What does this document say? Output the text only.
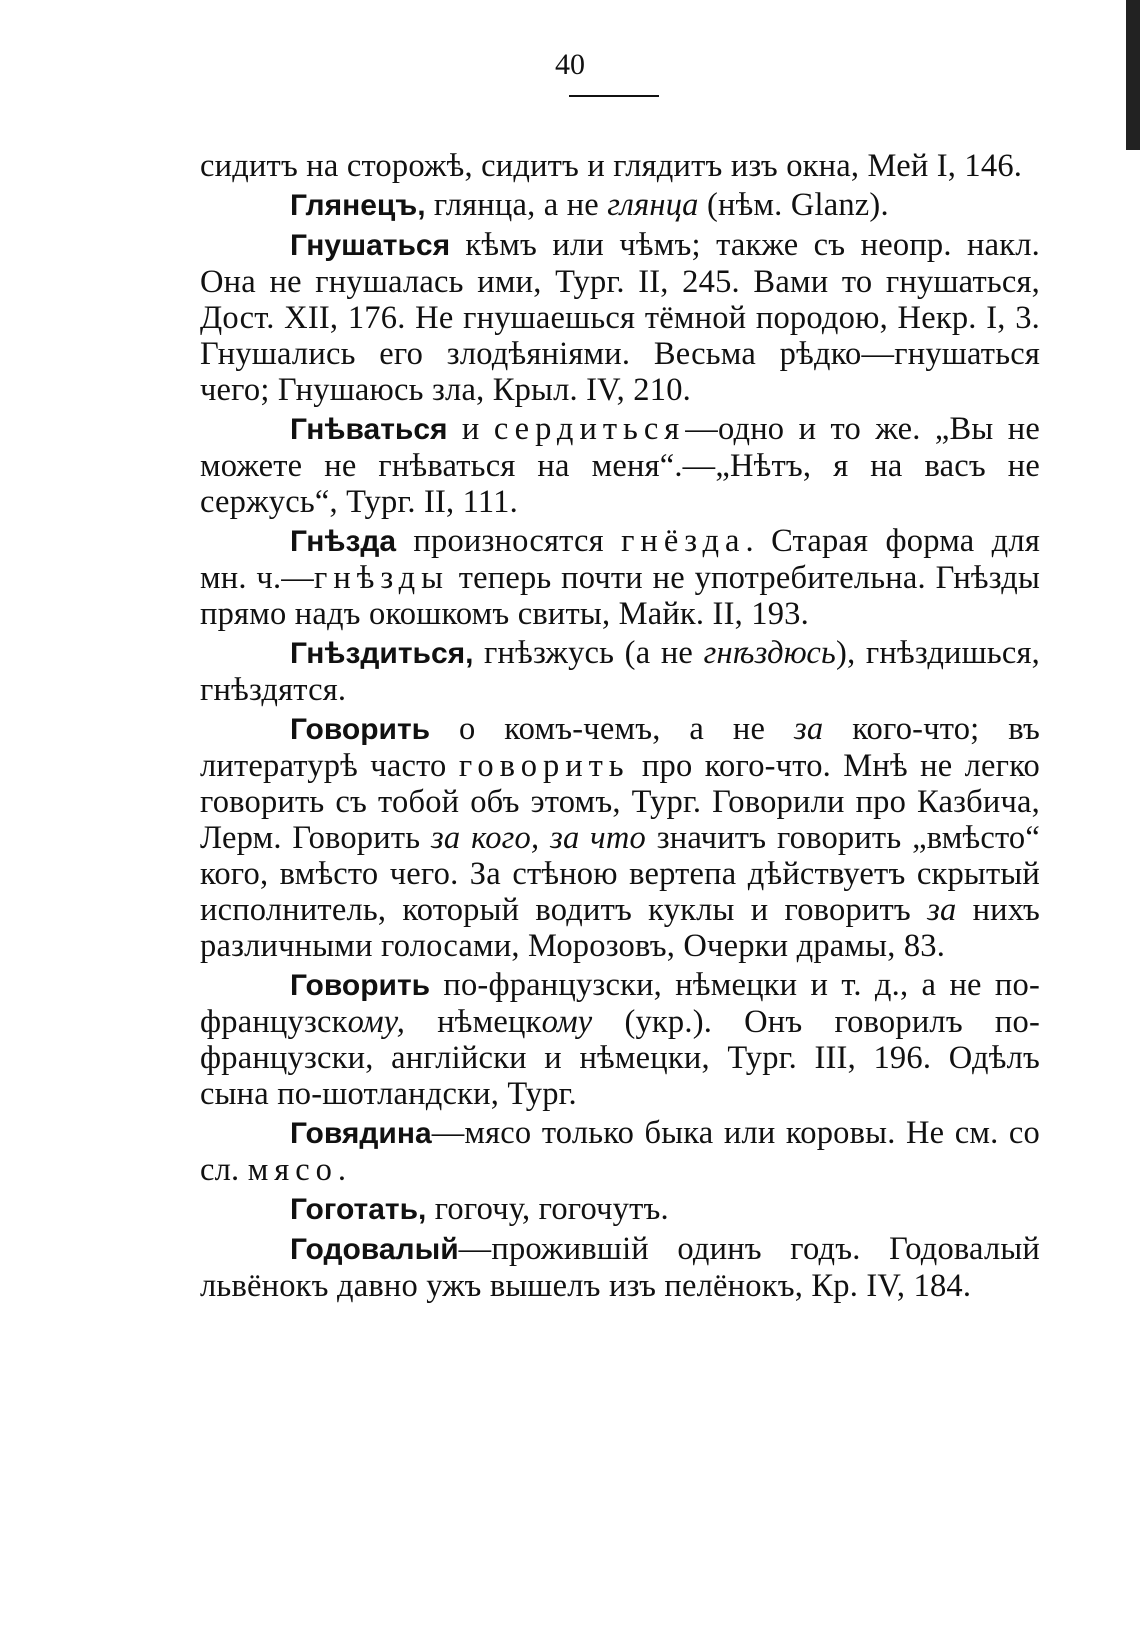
40

сидитъ на сторожѣ, сидитъ и глядитъ изъ окна, Мей I, 146.

Глянецъ, глянца, а не глянцa (нѣм. Glanz).

Гнушаться кѣмъ или чѣмъ; также съ неопр. накл. Она не гнушалась ими, Тург. II, 245. Вами то гнушаться, Дост. XII, 176. Не гнушаешься тёмной породою, Некр. I, 3. Гнушались его злодѣяніями. Весьма рѣдко—гнушаться чего; Гнушаюсь зла, Крыл. IV, 210.

Гнѣваться и сердиться—одно и то же. „Вы не можете не гнѣваться на меня“.—„Нѣтъ, я на васъ не сержусь“, Тург. II, 111.

Гнѣзда произносятся гнёзда. Старая форма для мн. ч.—гнѣзды теперь почти не употребительна. Гнѣзды прямо надъ окошкомъ свиты, Майк. II, 193.

Гнѣздиться, гнѣзжусь (а не гнѣздюсь), гнѣздишься, гнѣздятся.

Говорить о комъ-чемъ, а не за кого-что; въ литературѣ часто говорить про кого-что. Мнѣ не легко говорить съ тобой объ этомъ, Тург. Говорили про Казбича, Лерм. Говорить за кого, за что значитъ говорить „вмѣсто“ кого, вмѣсто чего. За стѣною вертепа дѣйствуетъ скрытый исполнитель, который водитъ куклы и говоритъ за нихъ различными голосами, Морозовъ, Очерки драмы, 83.

Говорить по-французски, нѣмецки и т. д., а не по-французскому, нѣмецкому (укр.). Онъ говорилъ по-французски, англійски и нѣмецки, Тург. III, 196. Одѣлъ сына по-шотландски, Тург.

Говядина—мясо только быка или коровы. Не см. со сл. мясо.

Гоготать, гогочу, гогочутъ.

Годовалый—прожившій одинъ годъ. Годовалый львёнокъ давно ужъ вышелъ изъ пелёнокъ, Кр. IV, 184.
